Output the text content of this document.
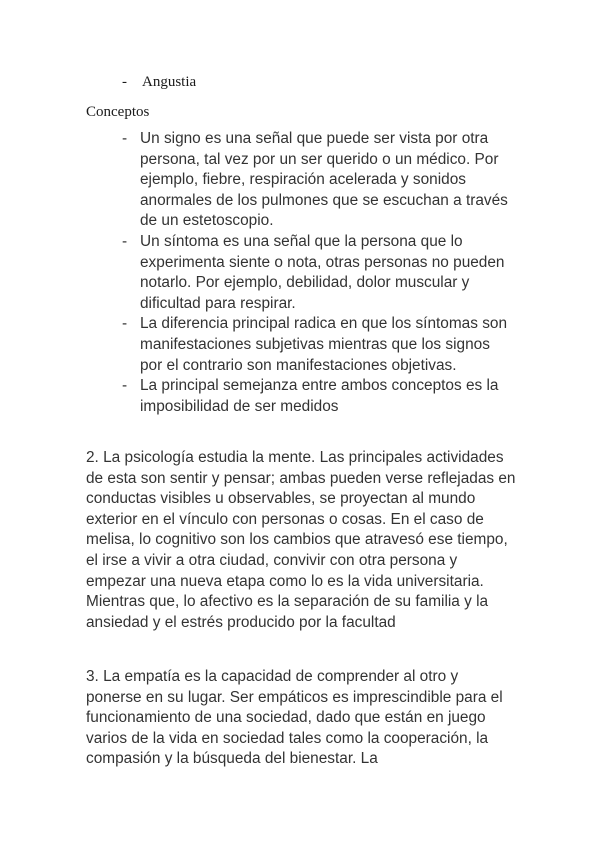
- Angustia
Conceptos
- Un signo es una señal que puede ser vista por otra persona, tal vez por un ser querido o un médico. Por ejemplo, fiebre, respiración acelerada y sonidos anormales de los pulmones que se escuchan a través de un estetoscopio.
- Un síntoma es una señal que la persona que lo experimenta siente o nota, otras personas no pueden notarlo. Por ejemplo, debilidad, dolor muscular y dificultad para respirar.
- La diferencia principal radica en que los síntomas son manifestaciones subjetivas mientras que los signos por el contrario son manifestaciones objetivas.
- La principal semejanza entre ambos conceptos es la imposibilidad de ser medidos

2. La psicología estudia la mente. Las principales actividades de esta son sentir y pensar; ambas pueden verse reflejadas en conductas visibles u observables, se proyectan al mundo exterior en el vínculo con personas o cosas. En el caso de melisa, lo cognitivo son los cambios que atravesó ese tiempo, el irse a vivir a otra ciudad, convivir con otra persona y empezar una nueva etapa como lo es la vida universitaria. Mientras que, lo afectivo es la separación de su familia y la ansiedad y el estrés producido por la facultad

3. La empatía es la capacidad de comprender al otro y ponerse en su lugar. Ser empáticos es imprescindible para el funcionamiento de una sociedad, dado que están en juego varios de la vida en sociedad tales como la cooperación, la compasión y la búsqueda del bienestar. La
